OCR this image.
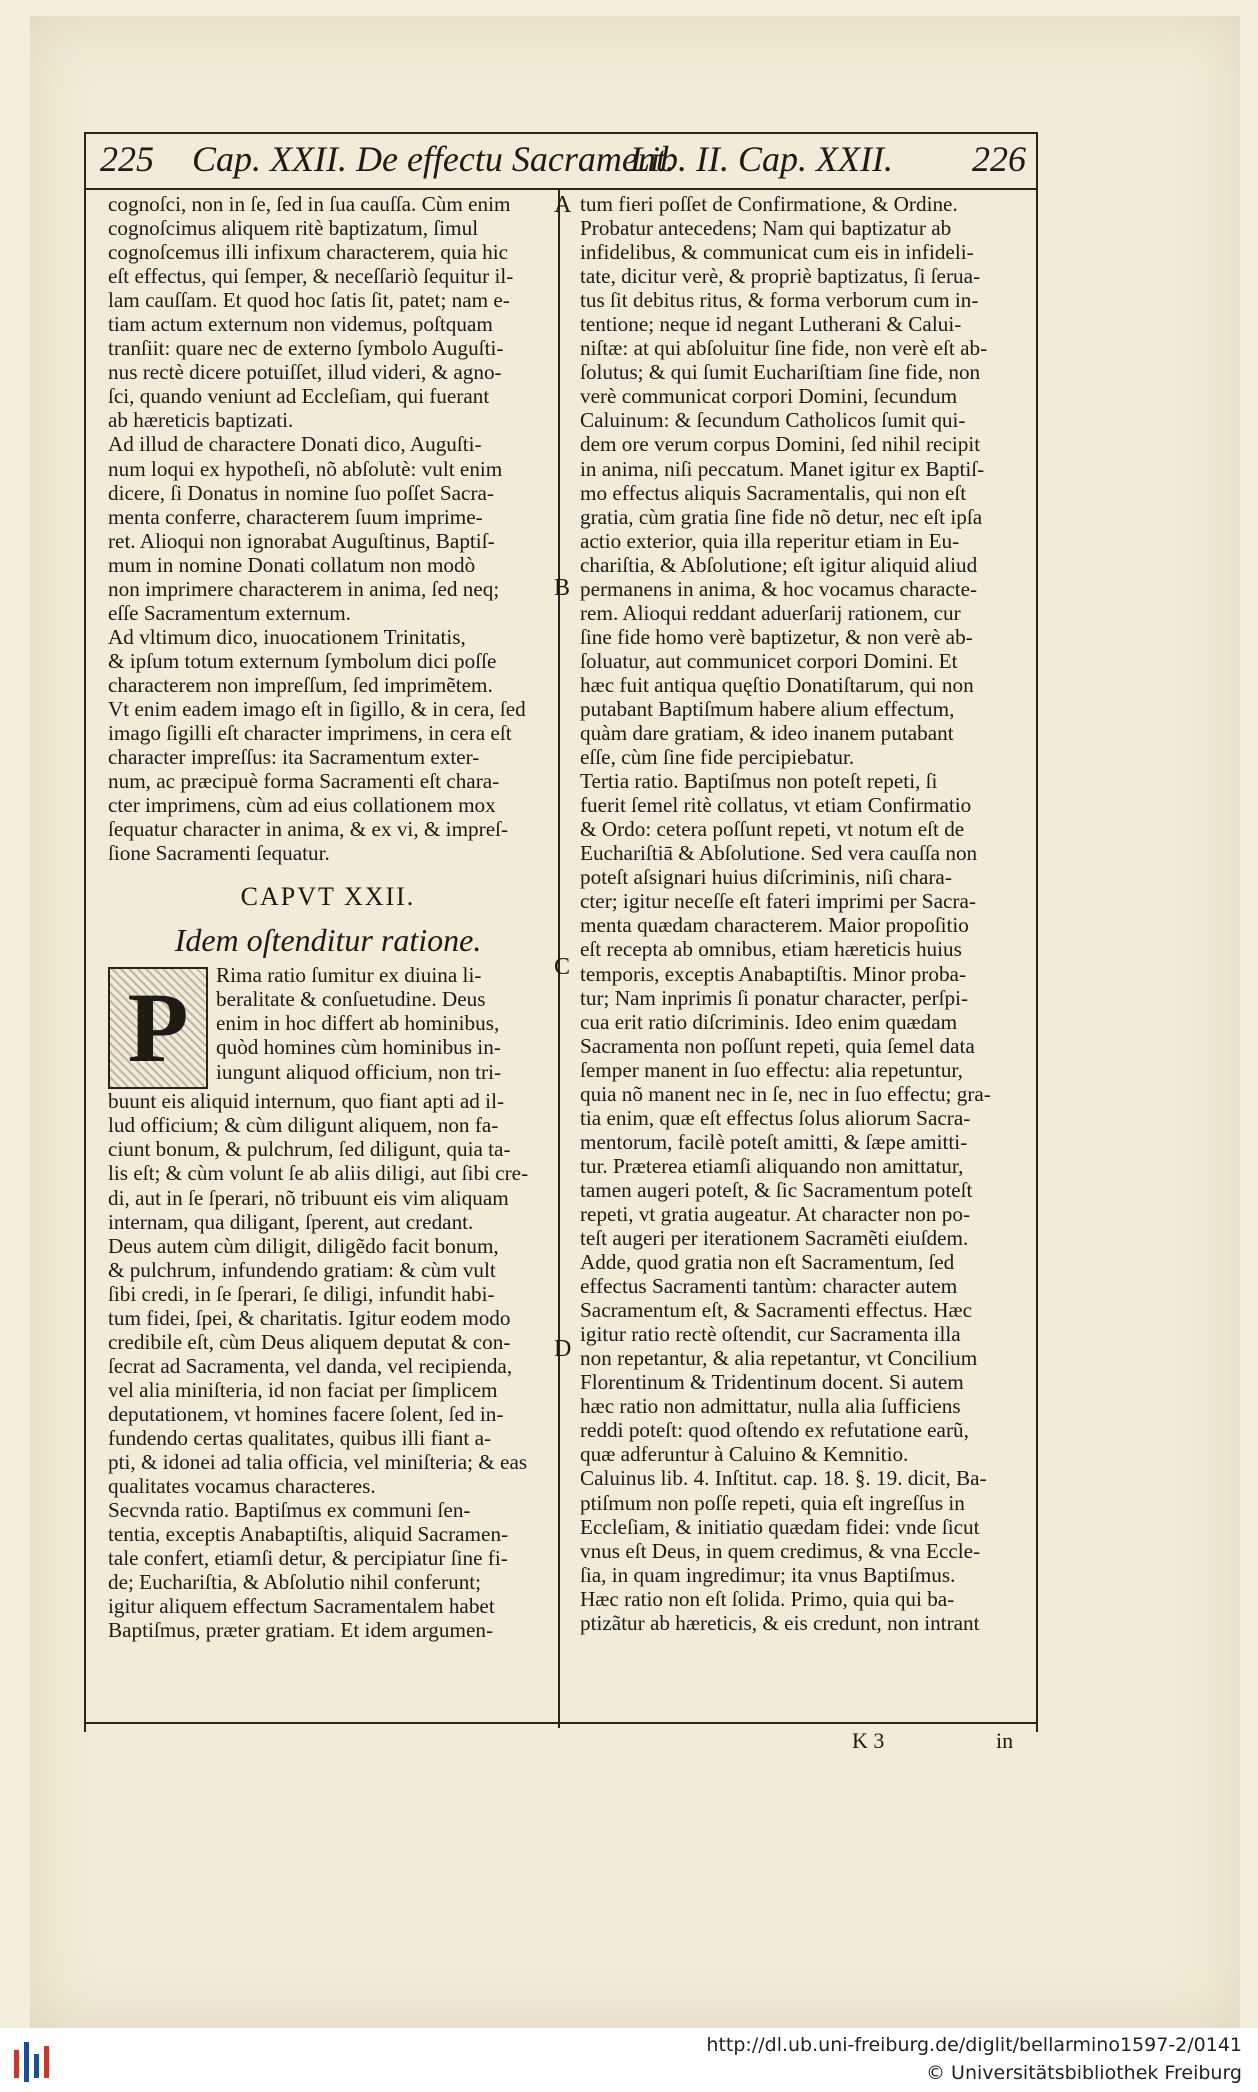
225 Cap. XXII. De effectu Sacrament.
Lib. II. Cap. XXII. 226
A
B
C
D
cognoſci, non in ſe, ſed in ſua cauſſa. Cùm enim
cognoſcimus aliquem ritè baptizatum, ſimul
cognoſcemus illi infixum characterem, quia hic
eſt effectus, qui ſemper, & neceſſariò ſequitur il-
lam cauſſam. Et quod hoc ſatis ſit, patet; nam e-
tiam actum externum non videmus, poſtquam
tranſiit: quare nec de externo ſymbolo Auguſti-
nus rectè dicere potuiſſet, illud videri, & agno-
ſci, quando veniunt ad Eccleſiam, qui fuerant
ab hæreticis baptizati.
Ad illud de charactere Donati dico, Auguſti-
num loqui ex hypotheſi, nõ abſolutè: vult enim
dicere, ſi Donatus in nomine ſuo poſſet Sacra-
menta conferre, characterem ſuum imprime-
ret. Alioqui non ignorabat Auguſtinus, Baptiſ-
mum in nomine Donati collatum non modò
non imprimere characterem in anima, ſed neq;
eſſe Sacramentum externum.
Ad vltimum dico, inuocationem Trinitatis,
& ipſum totum externum ſymbolum dici poſſe
characterem non impreſſum, ſed imprimẽtem.
Vt enim eadem imago eſt in ſigillo, & in cera, ſed
imago ſigilli eſt character imprimens, in cera eſt
character impreſſus: ita Sacramentum exter-
num, ac præcipuè forma Sacramenti eſt chara-
cter imprimens, cùm ad eius collationem mox
ſequatur character in anima, & ex vi, & impreſ-
ſione Sacramenti ſequatur.
CAPVT XXII.
Idem oſtenditur ratione.
P	Rima ratio ſumitur ex diuina li-
beralitate & conſuetudine. Deus
enim in hoc differt ab hominibus,
quòd homines cùm hominibus in-
iungunt aliquod officium, non tri-
buunt eis aliquid internum, quo fiant apti ad il-
lud officium; & cùm diligunt aliquem, non fa-
ciunt bonum, & pulchrum, ſed diligunt, quia ta-
lis eſt; & cùm volunt ſe ab aliis diligi, aut ſibi cre-
di, aut in ſe ſperari, nõ tribuunt eis vim aliquam
internam, qua diligant, ſperent, aut credant.
Deus autem cùm diligit, diligẽdo facit bonum,
& pulchrum, infundendo gratiam: & cùm vult
ſibi credi, in ſe ſperari, ſe diligi, infundit habi-
tum fidei, ſpei, & charitatis. Igitur eodem modo
credibile eſt, cùm Deus aliquem deputat & con-
ſecrat ad Sacramenta, vel danda, vel recipienda,
vel alia miniſteria, id non faciat per ſimplicem
deputationem, vt homines facere ſolent, ſed in-
fundendo certas qualitates, quibus illi fiant a-
pti, & idonei ad talia officia, vel miniſteria; & eas
qualitates vocamus characteres.
Secvnda ratio. Baptiſmus ex communi ſen-
tentia, exceptis Anabaptiſtis, aliquid Sacramen-
tale confert, etiamſi detur, & percipiatur ſine fi-
de; Euchariſtia, & Abſolutio nihil conferunt;
igitur aliquem effectum Sacramentalem habet
Baptiſmus, præter gratiam. Et idem argumen-
tum fieri poſſet de Confirmatione, & Ordine.
Probatur antecedens; Nam qui baptizatur ab
infidelibus, & communicat cum eis in infideli-
tate, dicitur verè, & propriè baptizatus, ſi ſerua-
tus ſit debitus ritus, & forma verborum cum in-
tentione; neque id negant Lutherani & Calui-
niſtæ: at qui abſoluitur ſine fide, non verè eſt ab-
ſolutus; & qui ſumit Euchariſtiam ſine fide, non
verè communicat corpori Domini, ſecundum
Caluinum: & ſecundum Catholicos ſumit qui-
dem ore verum corpus Domini, ſed nihil recipit
in anima, niſi peccatum. Manet igitur ex Baptiſ-
mo effectus aliquis Sacramentalis, qui non eſt
gratia, cùm gratia ſine fide nõ detur, nec eſt ipſa
actio exterior, quia illa reperitur etiam in Eu-
chariſtia, & Abſolutione; eſt igitur aliquid aliud
permanens in anima, & hoc vocamus characte-
rem. Alioqui reddant aduerſarij rationem, cur
ſine fide homo verè baptizetur, & non verè ab-
ſoluatur, aut communicet corpori Domini. Et
hæc fuit antiqua quęſtio Donatiſtarum, qui non
putabant Baptiſmum habere alium effectum,
quàm dare gratiam, & ideo inanem putabant
eſſe, cùm ſine fide percipiebatur.
Tertia ratio. Baptiſmus non poteſt repeti, ſi
fuerit ſemel ritè collatus, vt etiam Confirmatio
& Ordo: cetera poſſunt repeti, vt notum eſt de
Euchariſtiā & Abſolutione. Sed vera cauſſa non
poteſt aſsignari huius diſcriminis, niſi chara-
cter; igitur neceſſe eſt fateri imprimi per Sacra-
menta quædam characterem. Maior propoſitio
eſt recepta ab omnibus, etiam hæreticis huius
temporis, exceptis Anabaptiſtis. Minor proba-
tur; Nam inprimis ſi ponatur character, perſpi-
cua erit ratio diſcriminis. Ideo enim quædam
Sacramenta non poſſunt repeti, quia ſemel data
ſemper manent in ſuo effectu: alia repetuntur,
quia nõ manent nec in ſe, nec in ſuo effectu; gra-
tia enim, quæ eſt effectus ſolus aliorum Sacra-
mentorum, facilè poteſt amitti, & ſæpe amitti-
tur. Præterea etiamſi aliquando non amittatur,
tamen augeri poteſt, & ſic Sacramentum poteſt
repeti, vt gratia augeatur. At character non po-
teſt augeri per iterationem Sacramẽti eiuſdem.
Adde, quod gratia non eſt Sacramentum, ſed
effectus Sacramenti tantùm: character autem
Sacramentum eſt, & Sacramenti effectus. Hæc
igitur ratio rectè oſtendit, cur Sacramenta illa
non repetantur, & alia repetantur, vt Concilium
Florentinum & Tridentinum docent. Si autem
hæc ratio non admittatur, nulla alia ſufficiens
reddi poteſt: quod oſtendo ex refutatione earũ,
quæ adferuntur à Caluino & Kemnitio.
Caluinus lib. 4. Inſtitut. cap. 18. §. 19. dicit, Ba-
ptiſmum non poſſe repeti, quia eſt ingreſſus in
Eccleſiam, & initiatio quædam fidei: vnde ſicut
vnus eſt Deus, in quem credimus, & vna Eccle-
ſia, in quam ingredimur; ita vnus Baptiſmus.
Hæc ratio non eſt ſolida. Primo, quia qui ba-
ptizãtur ab hæreticis, & eis credunt, non intrant
K 3	in
http://dl.ub.uni-freiburg.de/diglit/bellarmino1597-2/0141
© Universitätsbibliothek Freiburg
